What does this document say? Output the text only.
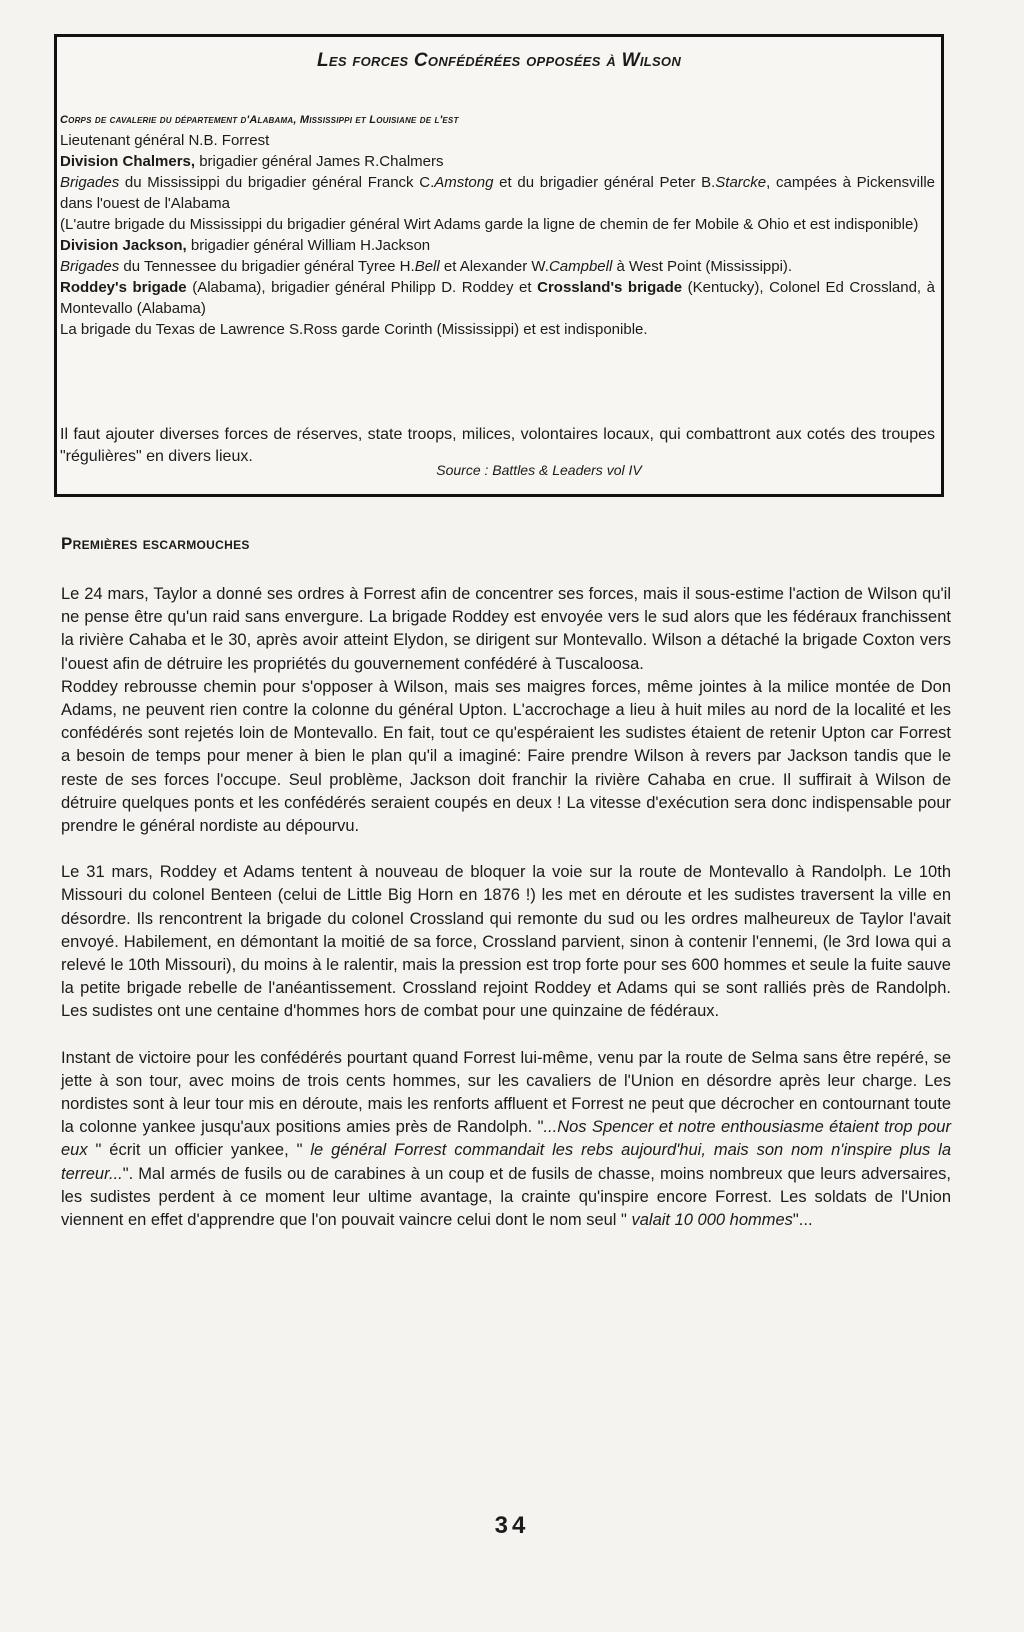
Les forces Confédérées opposées à Wilson
Corps de cavalerie du département d'Alabama, Mississippi et Louisiane de l'est
Lieutenant général N.B. Forrest
Division Chalmers, brigadier général James R.Chalmers
Brigades du Mississippi du brigadier général Franck C.Amstong et du brigadier général Peter B.Starcke, campées à Pickensville dans l'ouest de l'Alabama
(L'autre brigade du Mississippi du brigadier général Wirt Adams garde la ligne de chemin de fer Mobile & Ohio et est indisponible)
Division Jackson, brigadier général William H.Jackson
Brigades du Tennessee du brigadier général Tyree H.Bell et Alexander W.Campbell à West Point (Mississippi).
Roddey's brigade (Alabama), brigadier général Philipp D. Roddey et Crossland's brigade (Kentucky), Colonel Ed Crossland, à Montevallo (Alabama)
La brigade du Texas de Lawrence S.Ross garde Corinth (Mississippi) et est indisponible.
Il faut ajouter diverses forces de réserves, state troops, milices, volontaires locaux, qui combattront aux cotés des troupes "régulières" en divers lieux.
Source : Battles & Leaders vol IV
Premières escarmouches

Le 24 mars, Taylor a donné ses ordres à Forrest afin de concentrer ses forces, mais il sous-estime l'action de Wilson qu'il ne pense être qu'un raid sans envergure. La brigade Roddey est envoyée vers le sud alors que les fédéraux franchissent la rivière Cahaba et le 30, après avoir atteint Elydon, se dirigent sur Montevallo. Wilson a détaché la brigade Coxton vers l'ouest afin de détruire les propriétés du gouvernement confédéré à Tuscaloosa.

Roddey rebrousse chemin pour s'opposer à Wilson, mais ses maigres forces, même jointes à la milice montée de Don Adams, ne peuvent rien contre la colonne du général Upton. L'accrochage a lieu à huit miles au nord de la localité et les confédérés sont rejetés loin de Montevallo. En fait, tout ce qu'espéraient les sudistes étaient de retenir Upton car Forrest a besoin de temps pour mener à bien le plan qu'il a imaginé: Faire prendre Wilson à revers par Jackson tandis que le reste de ses forces l'occupe. Seul problème, Jackson doit franchir la rivière Cahaba en crue. Il suffirait à Wilson de détruire quelques ponts et les confédérés seraient coupés en deux ! La vitesse d'exécution sera donc indispensable pour prendre le général nordiste au dépourvu.

Le 31 mars, Roddey et Adams tentent à nouveau de bloquer la voie sur la route de Montevallo à Randolph. Le 10th Missouri du colonel Benteen (celui de Little Big Horn en 1876 !) les met en déroute et les sudistes traversent la ville en désordre. Ils rencontrent la brigade du colonel Crossland qui remonte du sud ou les ordres malheureux de Taylor l'avait envoyé. Habilement, en démontant la moitié de sa force, Crossland parvient, sinon à contenir l'ennemi, (le 3rd Iowa qui a relevé le 10th Missouri), du moins à le ralentir, mais la pression est trop forte pour ses 600 hommes et seule la fuite sauve la petite brigade rebelle de l'anéantissement. Crossland rejoint Roddey et Adams qui se sont ralliés près de Randolph. Les sudistes ont une centaine d'hommes hors de combat pour une quinzaine de fédéraux.

Instant de victoire pour les confédérés pourtant quand Forrest lui-même, venu par la route de Selma sans être repéré, se jette à son tour, avec moins de trois cents hommes, sur les cavaliers de l'Union en désordre après leur charge. Les nordistes sont à leur tour mis en déroute, mais les renforts affluent et Forrest ne peut que décrocher en contournant toute la colonne yankee jusqu'aux positions amies près de Randolph. "...Nos Spencer et notre enthousiasme étaient trop pour eux " écrit un officier yankee, " le général Forrest commandait les rebs aujourd'hui, mais son nom n'inspire plus la terreur...". Mal armés de fusils ou de carabines à un coup et de fusils de chasse, moins nombreux que leurs adversaires, les sudistes perdent à ce moment leur ultime avantage, la crainte qu'inspire encore Forrest. Les soldats de l'Union viennent en effet d'apprendre que l'on pouvait vaincre celui dont le nom seul " valait 10 000 hommes"...

34
